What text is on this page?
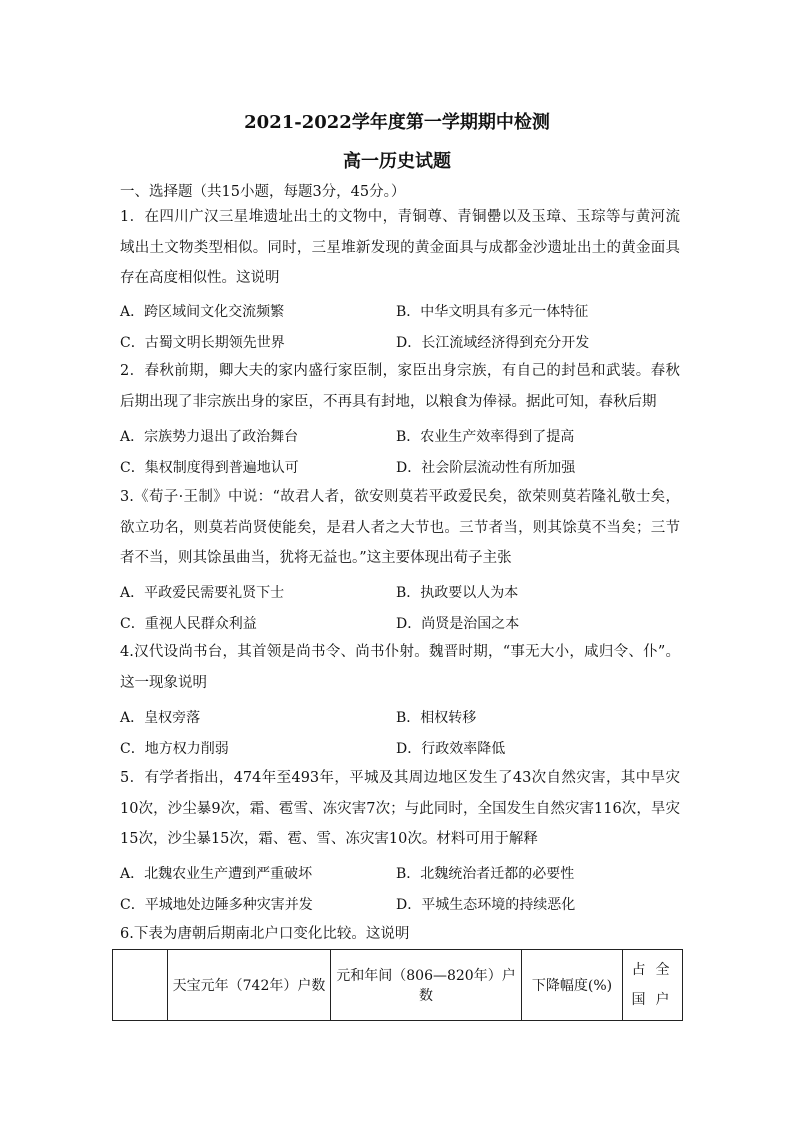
2021-2022学年度第一学期期中检测
高一历史试题
一、选择题（共15小题，每题3分，45分。）
1．在四川广汉三星堆遗址出土的文物中，青铜尊、青铜罍以及玉璋、玉琮等与黄河流域出土文物类型相似。同时，三星堆新发现的黄金面具与成都金沙遗址出土的黄金面具存在高度相似性。这说明
A．跨区域间文化交流频繁	B．中华文明具有多元一体特征
C．古蜀文明长期领先世界	D．长江流域经济得到充分开发
2．春秋前期，卿大夫的家内盛行家臣制，家臣出身宗族，有自己的封邑和武装。春秋后期出现了非宗族出身的家臣，不再具有封地，以粮食为俸禄。据此可知，春秋后期
A．宗族势力退出了政治舞台	B．农业生产效率得到了提高
C．集权制度得到普遍地认可	D．社会阶层流动性有所加强
3.《荀子·王制》中说：“故君人者，欲安则莫若平政爱民矣，欲荣则莫若隆礼敬士矣，欲立功名，则莫若尚贤使能矣，是君人者之大节也。三节者当，则其馀莫不当矣；三节者不当，则其馀虽曲当，犹将无益也。”这主要体现出荀子主张
A．平政爱民需要礼贤下士	B．执政要以人为本
C．重视人民群众利益	D．尚贤是治国之本
4.汉代设尚书台，其首领是尚书令、尚书仆射。魏晋时期，“事无大小，咸归令、仆”。这一现象说明
A．皇权旁落	B．相权转移
C．地方权力削弱	D．行政效率降低
5．有学者指出，474年至493年，平城及其周边地区发生了43次自然灾害，其中旱灾10次，沙尘暴9次，霜、雹雪、冻灾害7次；与此同时，全国发生自然灾害116次，旱灾15次，沙尘暴15次，霜、雹、雪、冻灾害10次。材料可用于解释
A．北魏农业生产遭到严重破坏	B．北魏统治者迁都的必要性
C．平城地处边陲多种灾害并发	D．平城生态环境的持续恶化
6.下表为唐朝后期南北户口变化比较。这说明
	天宝元年（742年）户数	元和年间（806—820年）户数	下降幅度(%)	占全国户
